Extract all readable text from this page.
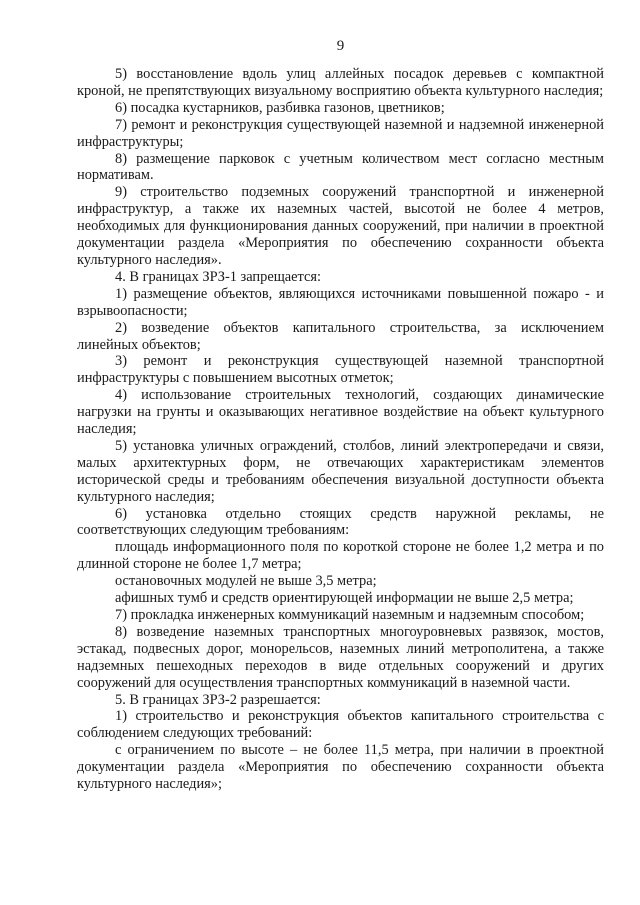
9

5) восстановление вдоль улиц аллейных посадок деревьев с компактной кроной, не препятствующих визуальному восприятию объекта культурного наследия;

6) посадка кустарников, разбивка газонов, цветников;

7) ремонт и реконструкция существующей наземной и надземной инженерной инфраструктуры;

8) размещение парковок с учетным количеством мест согласно местным нормативам.

9) строительство подземных сооружений транспортной и инженерной инфраструктур, а также их наземных частей, высотой не более 4 метров, необходимых для функционирования данных сооружений, при наличии в проектной документации раздела «Мероприятия по обеспечению сохранности объекта культурного наследия».

4. В границах ЗРЗ-1 запрещается:

1) размещение объектов, являющихся источниками повышенной пожаро - и взрывоопасности;

2) возведение объектов капитального строительства, за исключением линейных объектов;

3) ремонт и реконструкция существующей наземной транспортной инфраструктуры с повышением высотных отметок;

4) использование строительных технологий, создающих динамические нагрузки на грунты и оказывающих негативное воздействие на объект культурного наследия;

5) установка уличных ограждений, столбов, линий электропередачи и связи, малых архитектурных форм, не отвечающих характеристикам элементов исторической среды и требованиям обеспечения визуальной доступности объекта культурного наследия;

6) установка отдельно стоящих средств наружной рекламы, не соответствующих следующим требованиям:

площадь информационного поля по короткой стороне не более 1,2 метра и по длинной стороне не более 1,7 метра;

остановочных модулей не выше 3,5 метра;

афишных тумб и средств ориентирующей информации не выше 2,5 метра;

7) прокладка инженерных коммуникаций наземным и надземным способом;

8) возведение наземных транспортных многоуровневых развязок, мостов, эстакад, подвесных дорог, монорельсов, наземных линий метрополитена, а также надземных пешеходных переходов в виде отдельных сооружений и других сооружений для осуществления транспортных коммуникаций в наземной части.

5. В границах ЗРЗ-2 разрешается:

1) строительство и реконструкция объектов капитального строительства с соблюдением следующих требований:

с ограничением по высоте – не более 11,5 метра, при наличии в проектной документации раздела «Мероприятия по обеспечению сохранности объекта культурного наследия»;
